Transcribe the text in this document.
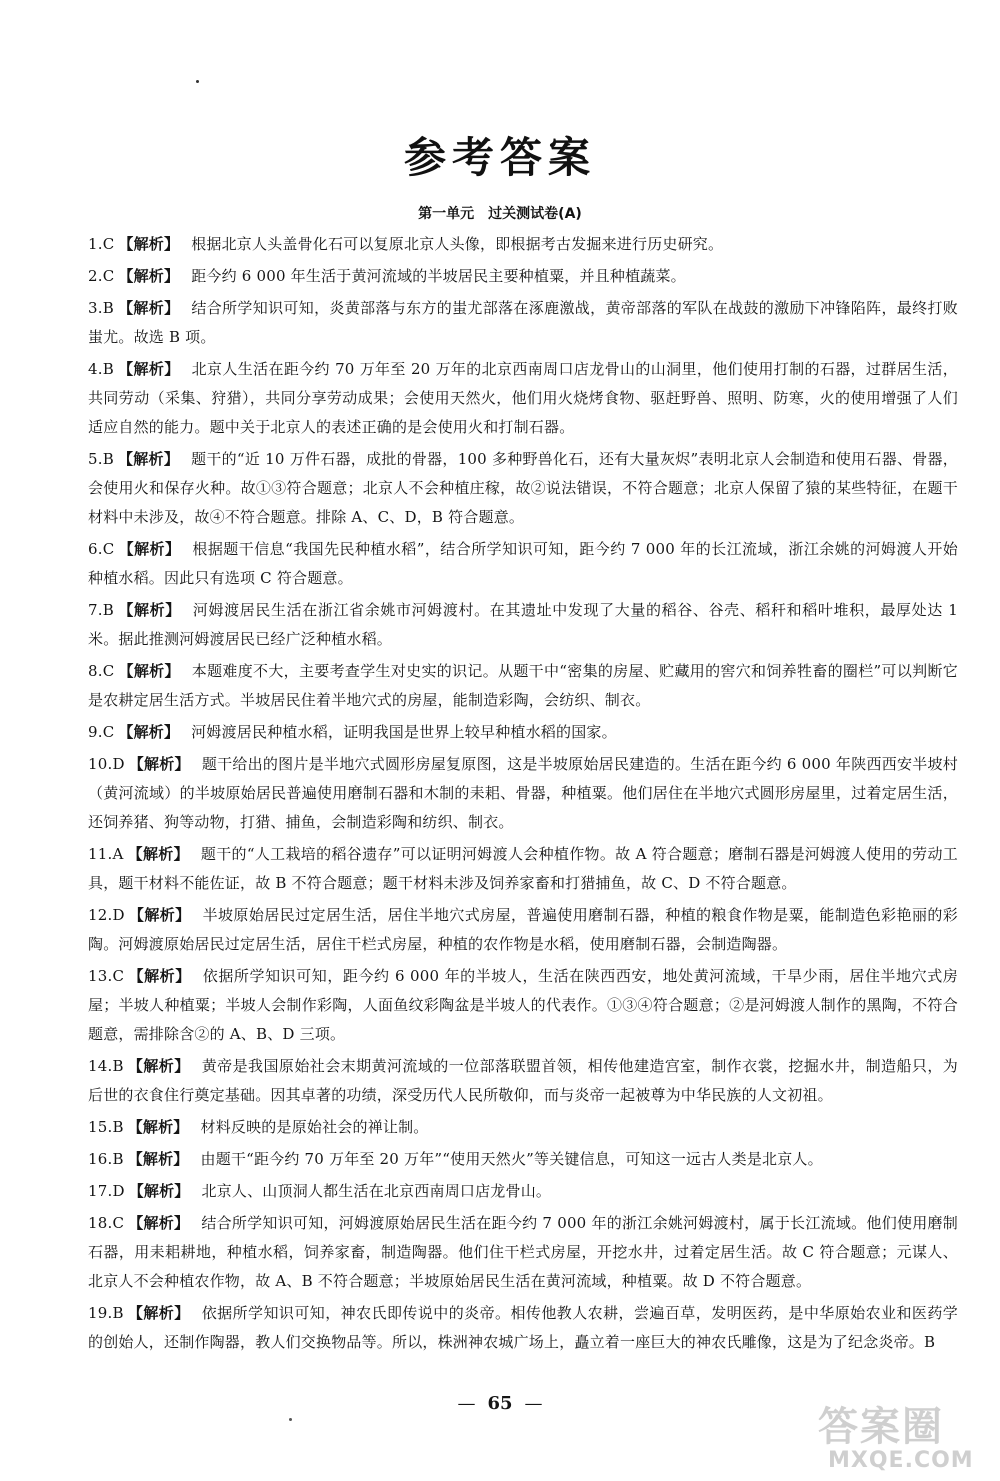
参考答案
第一单元　过关测试卷(A)

1.C 【解析】 根据北京人头盖骨化石可以复原北京人头像，即根据考古发掘来进行历史研究。

2.C 【解析】 距今约 6 000 年生活于黄河流域的半坡居民主要种植粟，并且种植蔬菜。

3.B 【解析】 结合所学知识可知，炎黄部落与东方的蚩尤部落在涿鹿激战，黄帝部落的军队在战鼓的激励下冲锋陷阵，最终打败蚩尤。故选 B 项。

4.B 【解析】 北京人生活在距今约 70 万年至 20 万年的北京西南周口店龙骨山的山洞里，他们使用打制的石器，过群居生活，共同劳动（采集、狩猎），共同分享劳动成果；会使用天然火，他们用火烧烤食物、驱赶野兽、照明、防寒，火的使用增强了人们适应自然的能力。题中关于北京人的表述正确的是会使用火和打制石器。

5.B 【解析】 题干的“近 10 万件石器，成批的骨器，100 多种野兽化石，还有大量灰烬”表明北京人会制造和使用石器、骨器，会使用火和保存火种。故①③符合题意；北京人不会种植庄稼，故②说法错误，不符合题意；北京人保留了猿的某些特征，在题干材料中未涉及，故④不符合题意。排除 A、C、D，B 符合题意。

6.C 【解析】 根据题干信息“我国先民种植水稻”，结合所学知识可知，距今约 7 000 年的长江流域，浙江余姚的河姆渡人开始种植水稻。因此只有选项 C 符合题意。

7.B 【解析】 河姆渡居民生活在浙江省余姚市河姆渡村。在其遗址中发现了大量的稻谷、谷壳、稻秆和稻叶堆积，最厚处达 1 米。据此推测河姆渡居民已经广泛种植水稻。

8.C 【解析】 本题难度不大，主要考查学生对史实的识记。从题干中“密集的房屋、贮藏用的窖穴和饲养牲畜的圈栏”可以判断它是农耕定居生活方式。半坡居民住着半地穴式的房屋，能制造彩陶，会纺织、制衣。

9.C 【解析】 河姆渡居民种植水稻，证明我国是世界上较早种植水稻的国家。

10.D 【解析】 题干给出的图片是半地穴式圆形房屋复原图，这是半坡原始居民建造的。生活在距今约 6 000 年陕西西安半坡村（黄河流域）的半坡原始居民普遍使用磨制石器和木制的耒耜、骨器，种植粟。他们居住在半地穴式圆形房屋里，过着定居生活，还饲养猪、狗等动物，打猎、捕鱼，会制造彩陶和纺织、制衣。

11.A 【解析】 题干的“人工栽培的稻谷遗存”可以证明河姆渡人会种植作物。故 A 符合题意；磨制石器是河姆渡人使用的劳动工具，题干材料不能佐证，故 B 不符合题意；题干材料未涉及饲养家畜和打猎捕鱼，故 C、D 不符合题意。

12.D 【解析】 半坡原始居民过定居生活，居住半地穴式房屋，普遍使用磨制石器，种植的粮食作物是粟，能制造色彩艳丽的彩陶。河姆渡原始居民过定居生活，居住干栏式房屋，种植的农作物是水稻，使用磨制石器，会制造陶器。

13.C 【解析】 依据所学知识可知，距今约 6 000 年的半坡人，生活在陕西西安，地处黄河流域，干旱少雨，居住半地穴式房屋；半坡人种植粟；半坡人会制作彩陶，人面鱼纹彩陶盆是半坡人的代表作。①③④符合题意；②是河姆渡人制作的黑陶，不符合题意，需排除含②的 A、B、D 三项。

14.B 【解析】 黄帝是我国原始社会末期黄河流域的一位部落联盟首领，相传他建造宫室，制作衣裳，挖掘水井，制造船只，为后世的衣食住行奠定基础。因其卓著的功绩，深受历代人民所敬仰，而与炎帝一起被尊为中华民族的人文初祖。

15.B 【解析】 材料反映的是原始社会的禅让制。

16.B 【解析】 由题干“距今约 70 万年至 20 万年”“使用天然火”等关键信息，可知这一远古人类是北京人。

17.D 【解析】 北京人、山顶洞人都生活在北京西南周口店龙骨山。

18.C 【解析】 结合所学知识可知，河姆渡原始居民生活在距今约 7 000 年的浙江余姚河姆渡村，属于长江流域。他们使用磨制石器，用耒耜耕地，种植水稻，饲养家畜，制造陶器。他们住干栏式房屋，开挖水井，过着定居生活。故 C 符合题意；元谋人、北京人不会种植农作物，故 A、B 不符合题意；半坡原始居民生活在黄河流域，种植粟。故 D 不符合题意。

19.B 【解析】 依据所学知识可知，神农氏即传说中的炎帝。相传他教人农耕，尝遍百草，发明医药，是中华原始农业和医药学的创始人，还制作陶器，教人们交换物品等。所以，株洲神农城广场上，矗立着一座巨大的神农氏雕像，这是为了纪念炎帝。B

— 65 —
答案圈
MXQE.COM
